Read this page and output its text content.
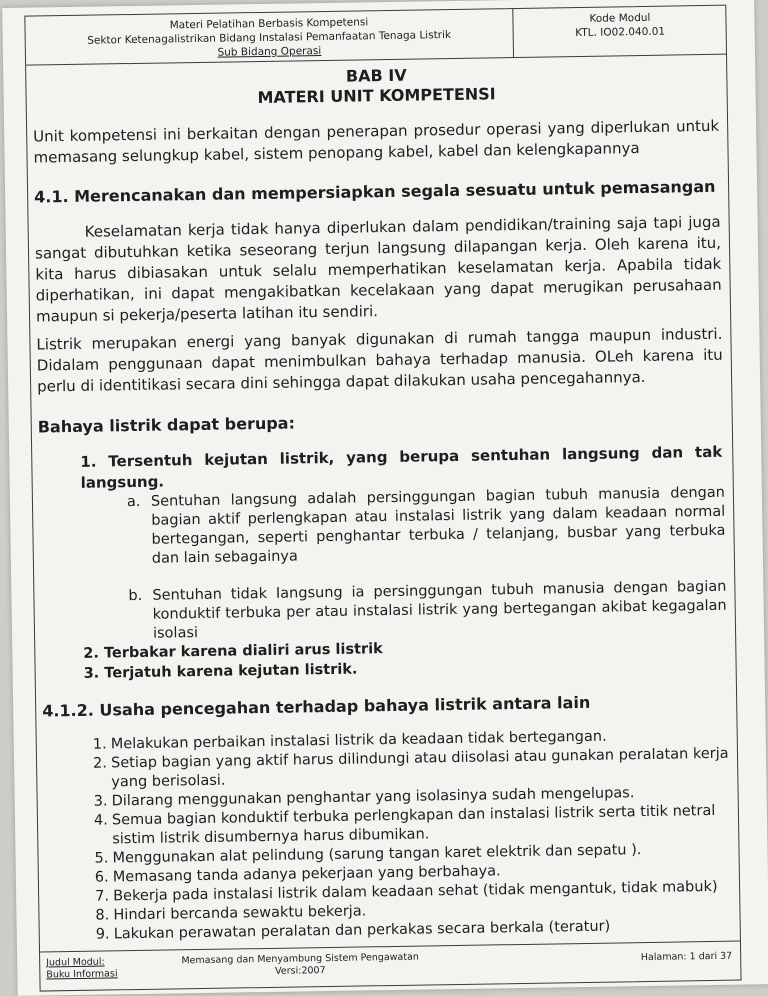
Materi Pelatihan Berbasis Kompetensi
Sektor Ketenagalistrikan Bidang Instalasi Pemanfaatan Tenaga Listrik
Sub Bidang Operasi
Kode Modul
KTL. IO02.040.01
BAB IV
MATERI UNIT KOMPETENSI
Unit kompetensi ini berkaitan dengan penerapan prosedur operasi yang diperlukan untuk memasang selungkup kabel, sistem penopang kabel, kabel dan kelengkapannya
4.1. Merencanakan dan mempersiapkan segala sesuatu untuk pemasangan
Keselamatan kerja tidak hanya diperlukan dalam pendidikan/training saja tapi juga sangat dibutuhkan ketika seseorang terjun langsung dilapangan kerja. Oleh karena itu, kita harus dibiasakan untuk selalu memperhatikan keselamatan kerja. Apabila tidak diperhatikan, ini dapat mengakibatkan kecelakaan yang dapat merugikan perusahaan maupun si pekerja/peserta latihan itu sendiri.
Listrik merupakan energi yang banyak digunakan di rumah tangga maupun industri. Didalam penggunaan dapat menimbulkan bahaya terhadap manusia. OLeh karena itu perlu di identitikasi secara dini sehingga dapat dilakukan usaha pencegahannya.
Bahaya listrik dapat berupa:
1. Tersentuh kejutan listrik, yang berupa sentuhan langsung dan tak langsung.
a. Sentuhan langsung adalah persinggungan bagian tubuh manusia dengan bagian aktif perlengkapan atau instalasi listrik yang dalam keadaan normal bertegangan, seperti penghantar terbuka / telanjang, busbar yang terbuka dan lain sebagainya
b. Sentuhan tidak Iangsung ia persinggungan tubuh manusia dengan bagian konduktif terbuka per atau instalasi listrik yang bertegangan akibat kegagalan isolasi
2. Terbakar karena dialiri arus listrik
3. Terjatuh karena kejutan listrik.
4.1.2. Usaha pencegahan terhadap bahaya listrik antara lain
1. Melakukan perbaikan instalasi listrik da keadaan tidak bertegangan.
2. Setiap bagian yang aktif harus dilindungi atau diisolasi atau gunakan peralatan kerja yang berisolasi.
3. Dilarang menggunakan penghantar yang isolasinya sudah mengelupas.
4. Semua bagian konduktif terbuka perlengkapan dan instalasi listrik serta titik netral sistim listrik disumbernya harus dibumikan.
5. Menggunakan alat pelindung (sarung tangan karet elektrik dan sepatu ).
6. Memasang tanda adanya pekerjaan yang berbahaya.
7. Bekerja pada instalasi listrik dalam keadaan sehat (tidak mengantuk, tidak mabuk)
8. Hindari bercanda sewaktu bekerja.
9. Lakukan perawatan peralatan dan perkakas secara berkala (teratur)
Judul Modul:
Buku Informasi
Memasang dan Menyambung Sistem Pengawatan
Versi:2007
Halaman: 1 dari 37
